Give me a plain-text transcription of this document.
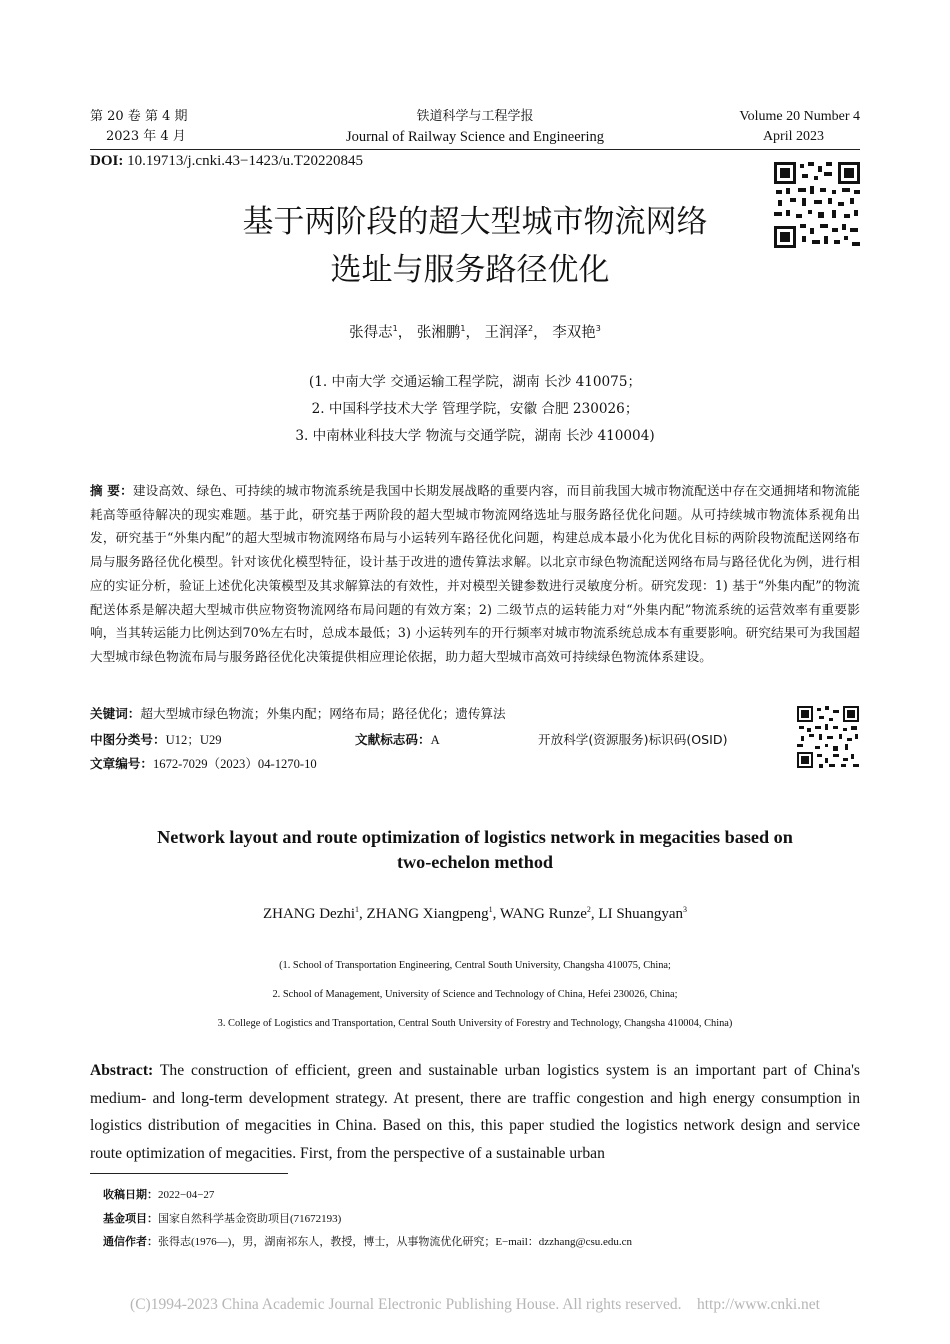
第 20 卷 第 4 期
2023 年 4 月
铁道科学与工程学报
Journal of Railway Science and Engineering
Volume 20 Number 4
April 2023
DOI: 10.19713/j.cnki.43−1423/u.T20220845
基于两阶段的超大型城市物流网络
选址与服务路径优化
张得志$^1$， 张湘鹏$^1$， 王润泽$^2$， 李双艳$^3$
(1. 中南大学 交通运输工程学院，湖南 长沙 410075；
2. 中国科学技术大学 管理学院，安徽 合肥 230026；
3. 中南林业科技大学 物流与交通学院，湖南 长沙 410004)
摘 要：建设高效、绿色、可持续的城市物流系统是我国中长期发展战略的重要内容，而目前我国大城市物流配送中存在交通拥堵和物流能耗高等亟待解决的现实难题。基于此，研究基于两阶段的超大型城市物流网络选址与服务路径优化问题。从可持续城市物流体系视角出发，研究基于“外集内配”的超大型城市物流网络布局与小运转列车路径优化问题，构建总成本最小化为优化目标的两阶段物流配送网络布局与服务路径优化模型。针对该优化模型特征，设计基于改进的遗传算法求解。以北京市绿色物流配送网络布局与路径优化为例，进行相应的实证分析，验证上述优化决策模型及其求解算法的有效性，并对模型关键参数进行灵敏度分析。研究发现：1) 基于“外集内配”的物流配送体系是解决超大型城市供应物资物流网络布局问题的有效方案；2) 二级节点的运转能力对“外集内配”物流系统的运营效率有重要影响，当其转运能力比例达到70%左右时，总成本最低；3) 小运转列车的开行频率对城市物流系统总成本有重要影响。研究结果可为我国超大型城市绿色物流布局与服务路径优化决策提供相应理论依据，助力超大型城市高效可持续绿色物流体系建设。
关键词：超大型城市绿色物流；外集内配；网络布局；路径优化；遗传算法
中图分类号：U12；U29	文献标志码：A	开放科学(资源服务)标识码(OSID)
文章编号：1672-7029（2023）04-1270-10
Network layout and route optimization of logistics network in megacities based on
two-echelon method
ZHANG Dezhi$^1$, ZHANG Xiangpeng$^1$, WANG Runze$^2$, LI Shuangyan$^3$
(1. School of Transportation Engineering, Central South University, Changsha 410075, China;
2. School of Management, University of Science and Technology of China, Hefei 230026, China;
3. College of Logistics and Transportation, Central South University of Forestry and Technology, Changsha 410004, China)
Abstract: The construction of efficient, green and sustainable urban logistics system is an important part of China's medium- and long-term development strategy. At present, there are traffic congestion and high energy consumption in logistics distribution of megacities in China. Based on this, this paper studied the logistics network design and service route optimization of megacities. First, from the perspective of a sustainable urban
收稿日期：2022−04−27
基金项目：国家自然科学基金资助项目(71672193)
通信作者：张得志(1976—)，男，湖南祁东人，教授，博士，从事物流优化研究；E−mail：dzzhang@csu.edu.cn
(C)1994-2023 China Academic Journal Electronic Publishing House. All rights reserved.    http://www.cnki.net
